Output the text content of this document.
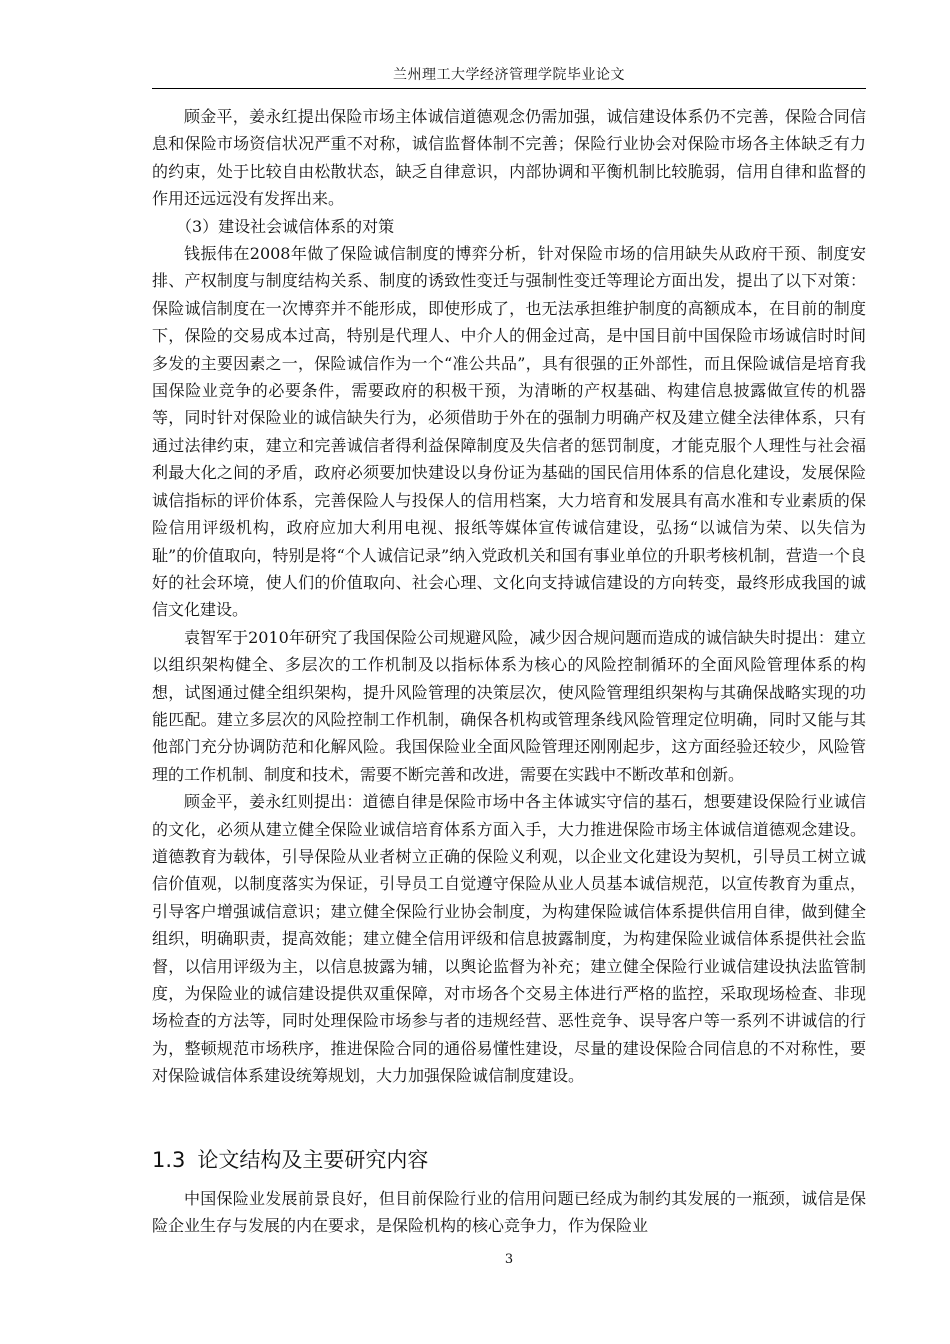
兰州理工大学经济管理学院毕业论文

顾金平，姜永红提出保险市场主体诚信道德观念仍需加强，诚信建设体系仍不完善，保险合同信息和保险市场资信状况严重不对称，诚信监督体制不完善；保险行业协会对保险市场各主体缺乏有力的约束，处于比较自由松散状态，缺乏自律意识，内部协调和平衡机制比较脆弱，信用自律和监督的作用还远远没有发挥出来。

（3）建设社会诚信体系的对策

钱振伟在2008年做了保险诚信制度的博弈分析，针对保险市场的信用缺失从政府干预、制度安排、产权制度与制度结构关系、制度的诱致性变迁与强制性变迁等理论方面出发，提出了以下对策：保险诚信制度在一次博弈并不能形成，即使形成了，也无法承担维护制度的高额成本，在目前的制度下，保险的交易成本过高，特别是代理人、中介人的佣金过高，是中国目前中国保险市场诚信时时间多发的主要因素之一，保险诚信作为一个“准公共品”，具有很强的正外部性，而且保险诚信是培育我国保险业竞争的必要条件，需要政府的积极干预，为清晰的产权基础、构建信息披露做宣传的机器等，同时针对保险业的诚信缺失行为，必须借助于外在的强制力明确产权及建立健全法律体系，只有通过法律约束，建立和完善诚信者得利益保障制度及失信者的惩罚制度，才能克服个人理性与社会福利最大化之间的矛盾，政府必须要加快建设以身份证为基础的国民信用体系的信息化建设，发展保险诚信指标的评价体系，完善保险人与投保人的信用档案，大力培育和发展具有高水准和专业素质的保险信用评级机构，政府应加大利用电视、报纸等媒体宣传诚信建设，弘扬“以诚信为荣、以失信为耻”的价值取向，特别是将“个人诚信记录”纳入党政机关和国有事业单位的升职考核机制，营造一个良好的社会环境，使人们的价值取向、社会心理、文化向支持诚信建设的方向转变，最终形成我国的诚信文化建设。

袁智军于2010年研究了我国保险公司规避风险，减少因合规问题而造成的诚信缺失时提出：建立以组织架构健全、多层次的工作机制及以指标体系为核心的风险控制循环的全面风险管理体系的构想，试图通过健全组织架构，提升风险管理的决策层次，使风险管理组织架构与其确保战略实现的功能匹配。建立多层次的风险控制工作机制，确保各机构或管理条线风险管理定位明确，同时又能与其他部门充分协调防范和化解风险。我国保险业全面风险管理还刚刚起步，这方面经验还较少，风险管理的工作机制、制度和技术，需要不断完善和改进，需要在实践中不断改革和创新。

顾金平，姜永红则提出：道德自律是保险市场中各主体诚实守信的基石，想要建设保险行业诚信的文化，必须从建立健全保险业诚信培育体系方面入手，大力推进保险市场主体诚信道德观念建设。道德教育为载体，引导保险从业者树立正确的保险义利观，以企业文化建设为契机，引导员工树立诚信价值观，以制度落实为保证，引导员工自觉遵守保险从业人员基本诚信规范，以宣传教育为重点，引导客户增强诚信意识；建立健全保险行业协会制度，为构建保险诚信体系提供信用自律，做到健全组织，明确职责，提高效能；建立健全信用评级和信息披露制度，为构建保险业诚信体系提供社会监督，以信用评级为主，以信息披露为辅，以舆论监督为补充；建立健全保险行业诚信建设执法监管制度，为保险业的诚信建设提供双重保障，对市场各个交易主体进行严格的监控，采取现场检查、非现场检查的方法等，同时处理保险市场参与者的违规经营、恶性竞争、误导客户等一系列不讲诚信的行为，整顿规范市场秩序，推进保险合同的通俗易懂性建设，尽量的建设保险合同信息的不对称性，要对保险诚信体系建设统筹规划，大力加强保险诚信制度建设。

1.3 论文结构及主要研究内容

中国保险业发展前景良好，但目前保险行业的信用问题已经成为制约其发展的一瓶颈，诚信是保险企业生存与发展的内在要求，是保险机构的核心竞争力，作为保险业

3
